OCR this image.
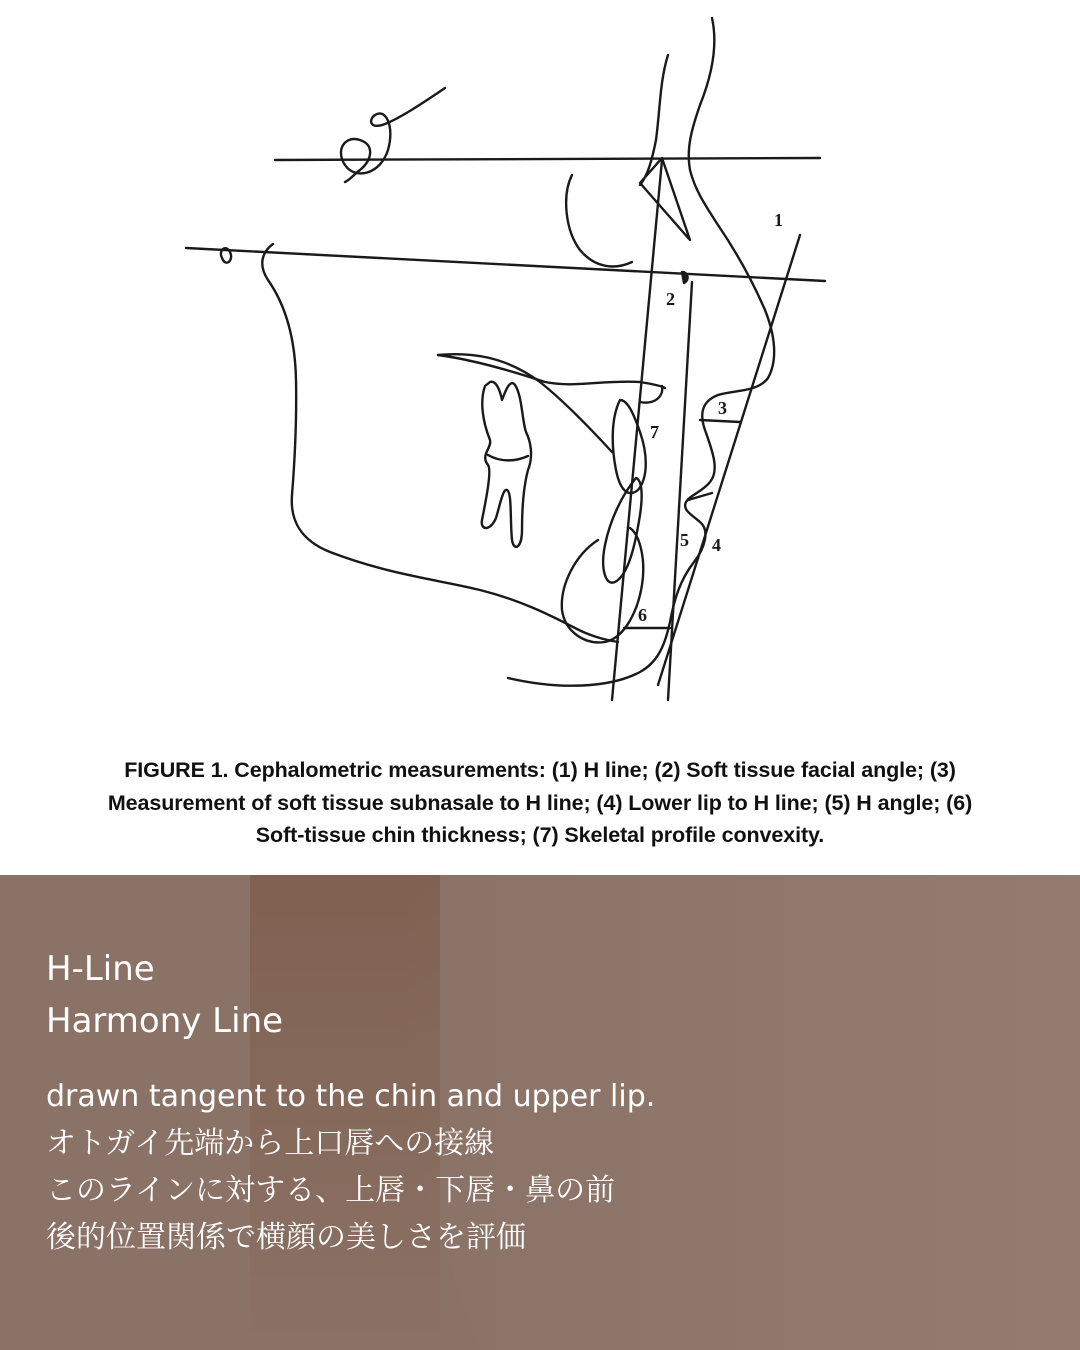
1
2
3
4
5
6
7
FIGURE 1. Cephalometric measurements: (1) H line; (2) Soft tissue facial angle; (3)
Measurement of soft tissue subnasale to H line; (4) Lower lip to H line; (5) H angle; (6)
Soft-tissue chin thickness; (7) Skeletal profile convexity.
H-Line
Harmony Line
drawn tangent to the chin and upper lip.
オトガイ先端から上口唇への接線
このラインに対する、上唇・下唇・鼻の前
後的位置関係で横顔の美しさを評価
